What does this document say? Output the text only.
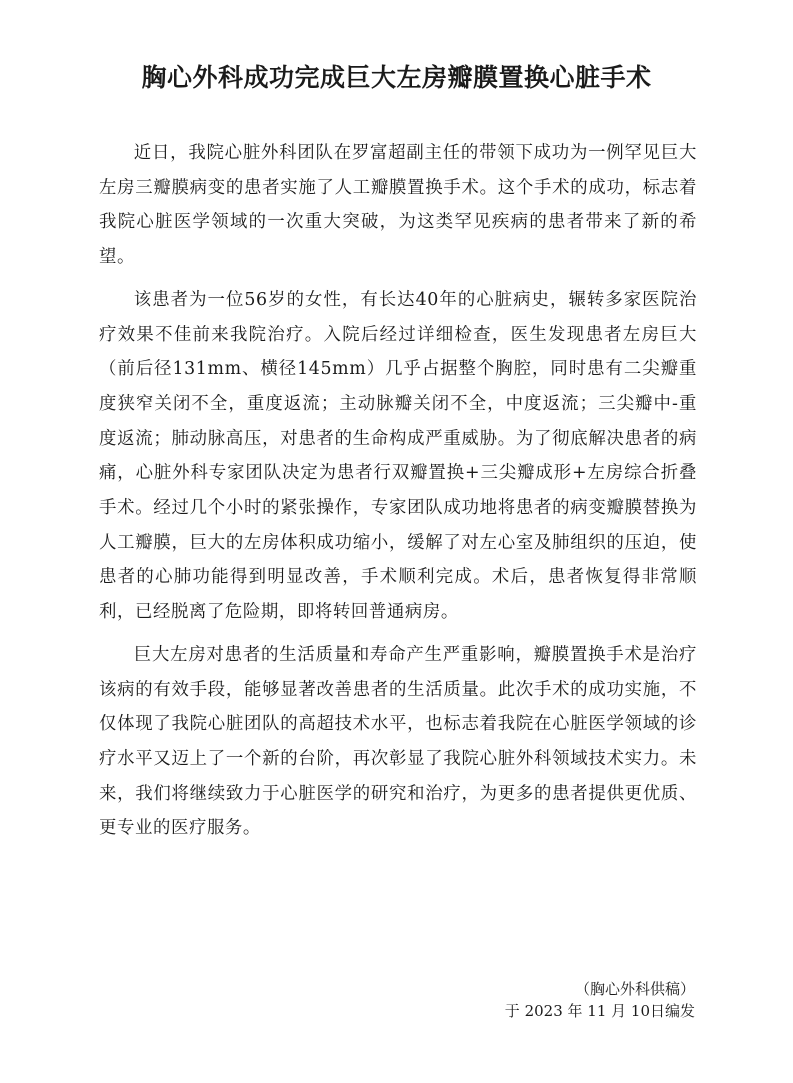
胸心外科成功完成巨大左房瓣膜置换心脏手术

近日，我院心脏外科团队在罗富超副主任的带领下成功为一例罕见巨大左房三瓣膜病变的患者实施了人工瓣膜置换手术。这个手术的成功，标志着我院心脏医学领域的一次重大突破，为这类罕见疾病的患者带来了新的希望。

该患者为一位56岁的女性，有长达40年的心脏病史，辗转多家医院治疗效果不佳前来我院治疗。入院后经过详细检查，医生发现患者左房巨大（前后径131mm、横径145mm）几乎占据整个胸腔，同时患有二尖瓣重度狭窄关闭不全，重度返流；主动脉瓣关闭不全，中度返流；三尖瓣中-重度返流；肺动脉高压，对患者的生命构成严重威胁。为了彻底解决患者的病痛，心脏外科专家团队决定为患者行双瓣置换+三尖瓣成形+左房综合折叠手术。经过几个小时的紧张操作，专家团队成功地将患者的病变瓣膜替换为人工瓣膜，巨大的左房体积成功缩小，缓解了对左心室及肺组织的压迫，使患者的心肺功能得到明显改善，手术顺利完成。术后，患者恢复得非常顺利，已经脱离了危险期，即将转回普通病房。

巨大左房对患者的生活质量和寿命产生严重影响，瓣膜置换手术是治疗该病的有效手段，能够显著改善患者的生活质量。此次手术的成功实施，不仅体现了我院心脏团队的高超技术水平，也标志着我院在心脏医学领域的诊疗水平又迈上了一个新的台阶，再次彰显了我院心脏外科领域技术实力。未来，我们将继续致力于心脏医学的研究和治疗，为更多的患者提供更优质、更专业的医疗服务。

（胸心外科供稿）

于 2023 年 11 月 10日编发
